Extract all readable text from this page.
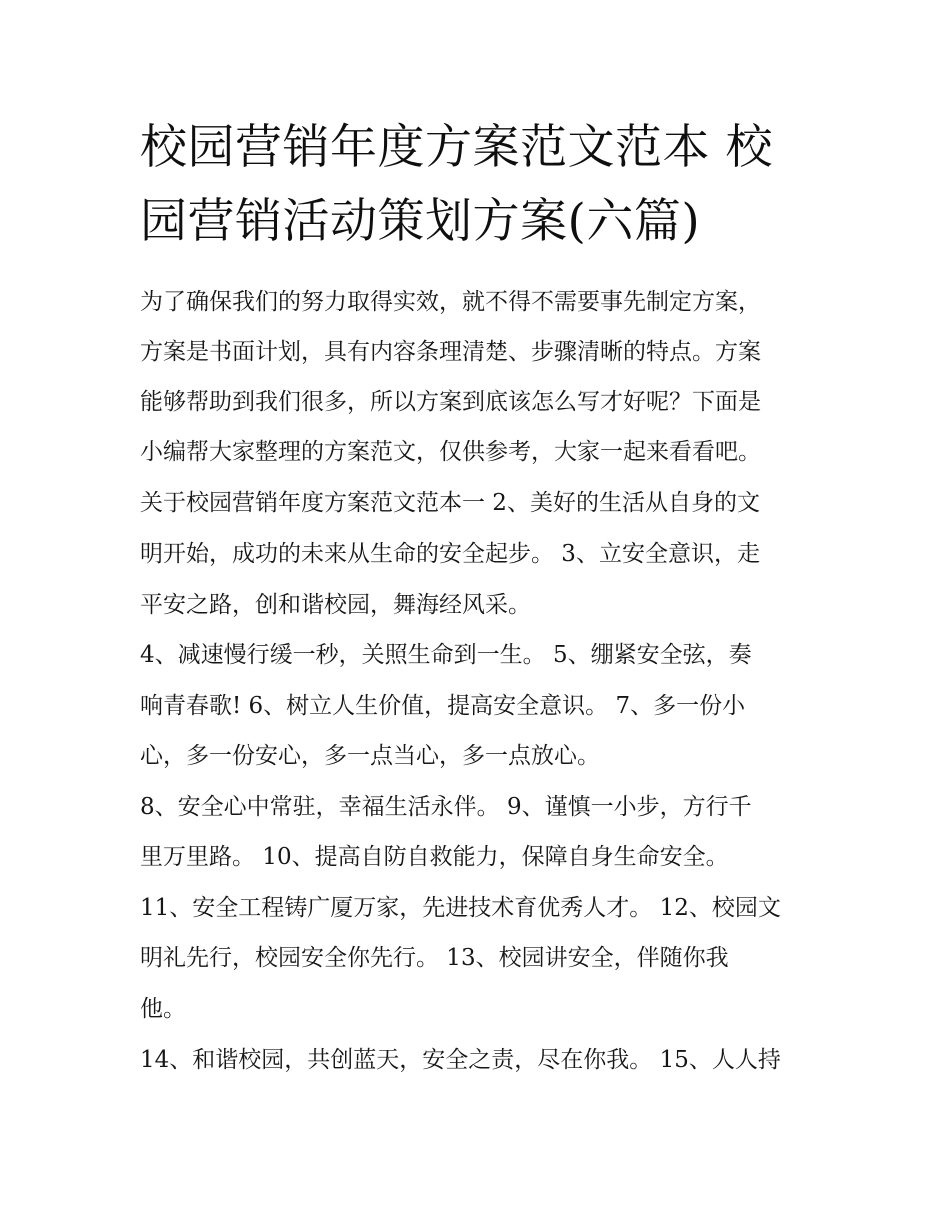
校园营销年度方案范文范本 校
园营销活动策划方案(六篇)
为了确保我们的努力取得实效，就不得不需要事先制定方案，
方案是书面计划，具有内容条理清楚、步骤清晰的特点。方案
能够帮助到我们很多，所以方案到底该怎么写才好呢？下面是
小编帮大家整理的方案范文，仅供参考，大家一起来看看吧。
关于校园营销年度方案范文范本一 2、美好的生活从自身的文
明开始，成功的未来从生命的安全起步。 3、立安全意识，走
平安之路，创和谐校园，舞海经风采。
4、减速慢行缓一秒，关照生命到一生。 5、绷紧安全弦，奏
响青春歌! 6、树立人生价值，提高安全意识。 7、多一份小
心，多一份安心，多一点当心，多一点放心。
8、安全心中常驻，幸福生活永伴。 9、谨慎一小步，方行千
里万里路。 10、提高自防自救能力，保障自身生命安全。
11、安全工程铸广厦万家，先进技术育优秀人才。 12、校园文
明礼先行，校园安全你先行。 13、校园讲安全，伴随你我
他。
14、和谐校园，共创蓝天，安全之责，尽在你我。 15、人人持
